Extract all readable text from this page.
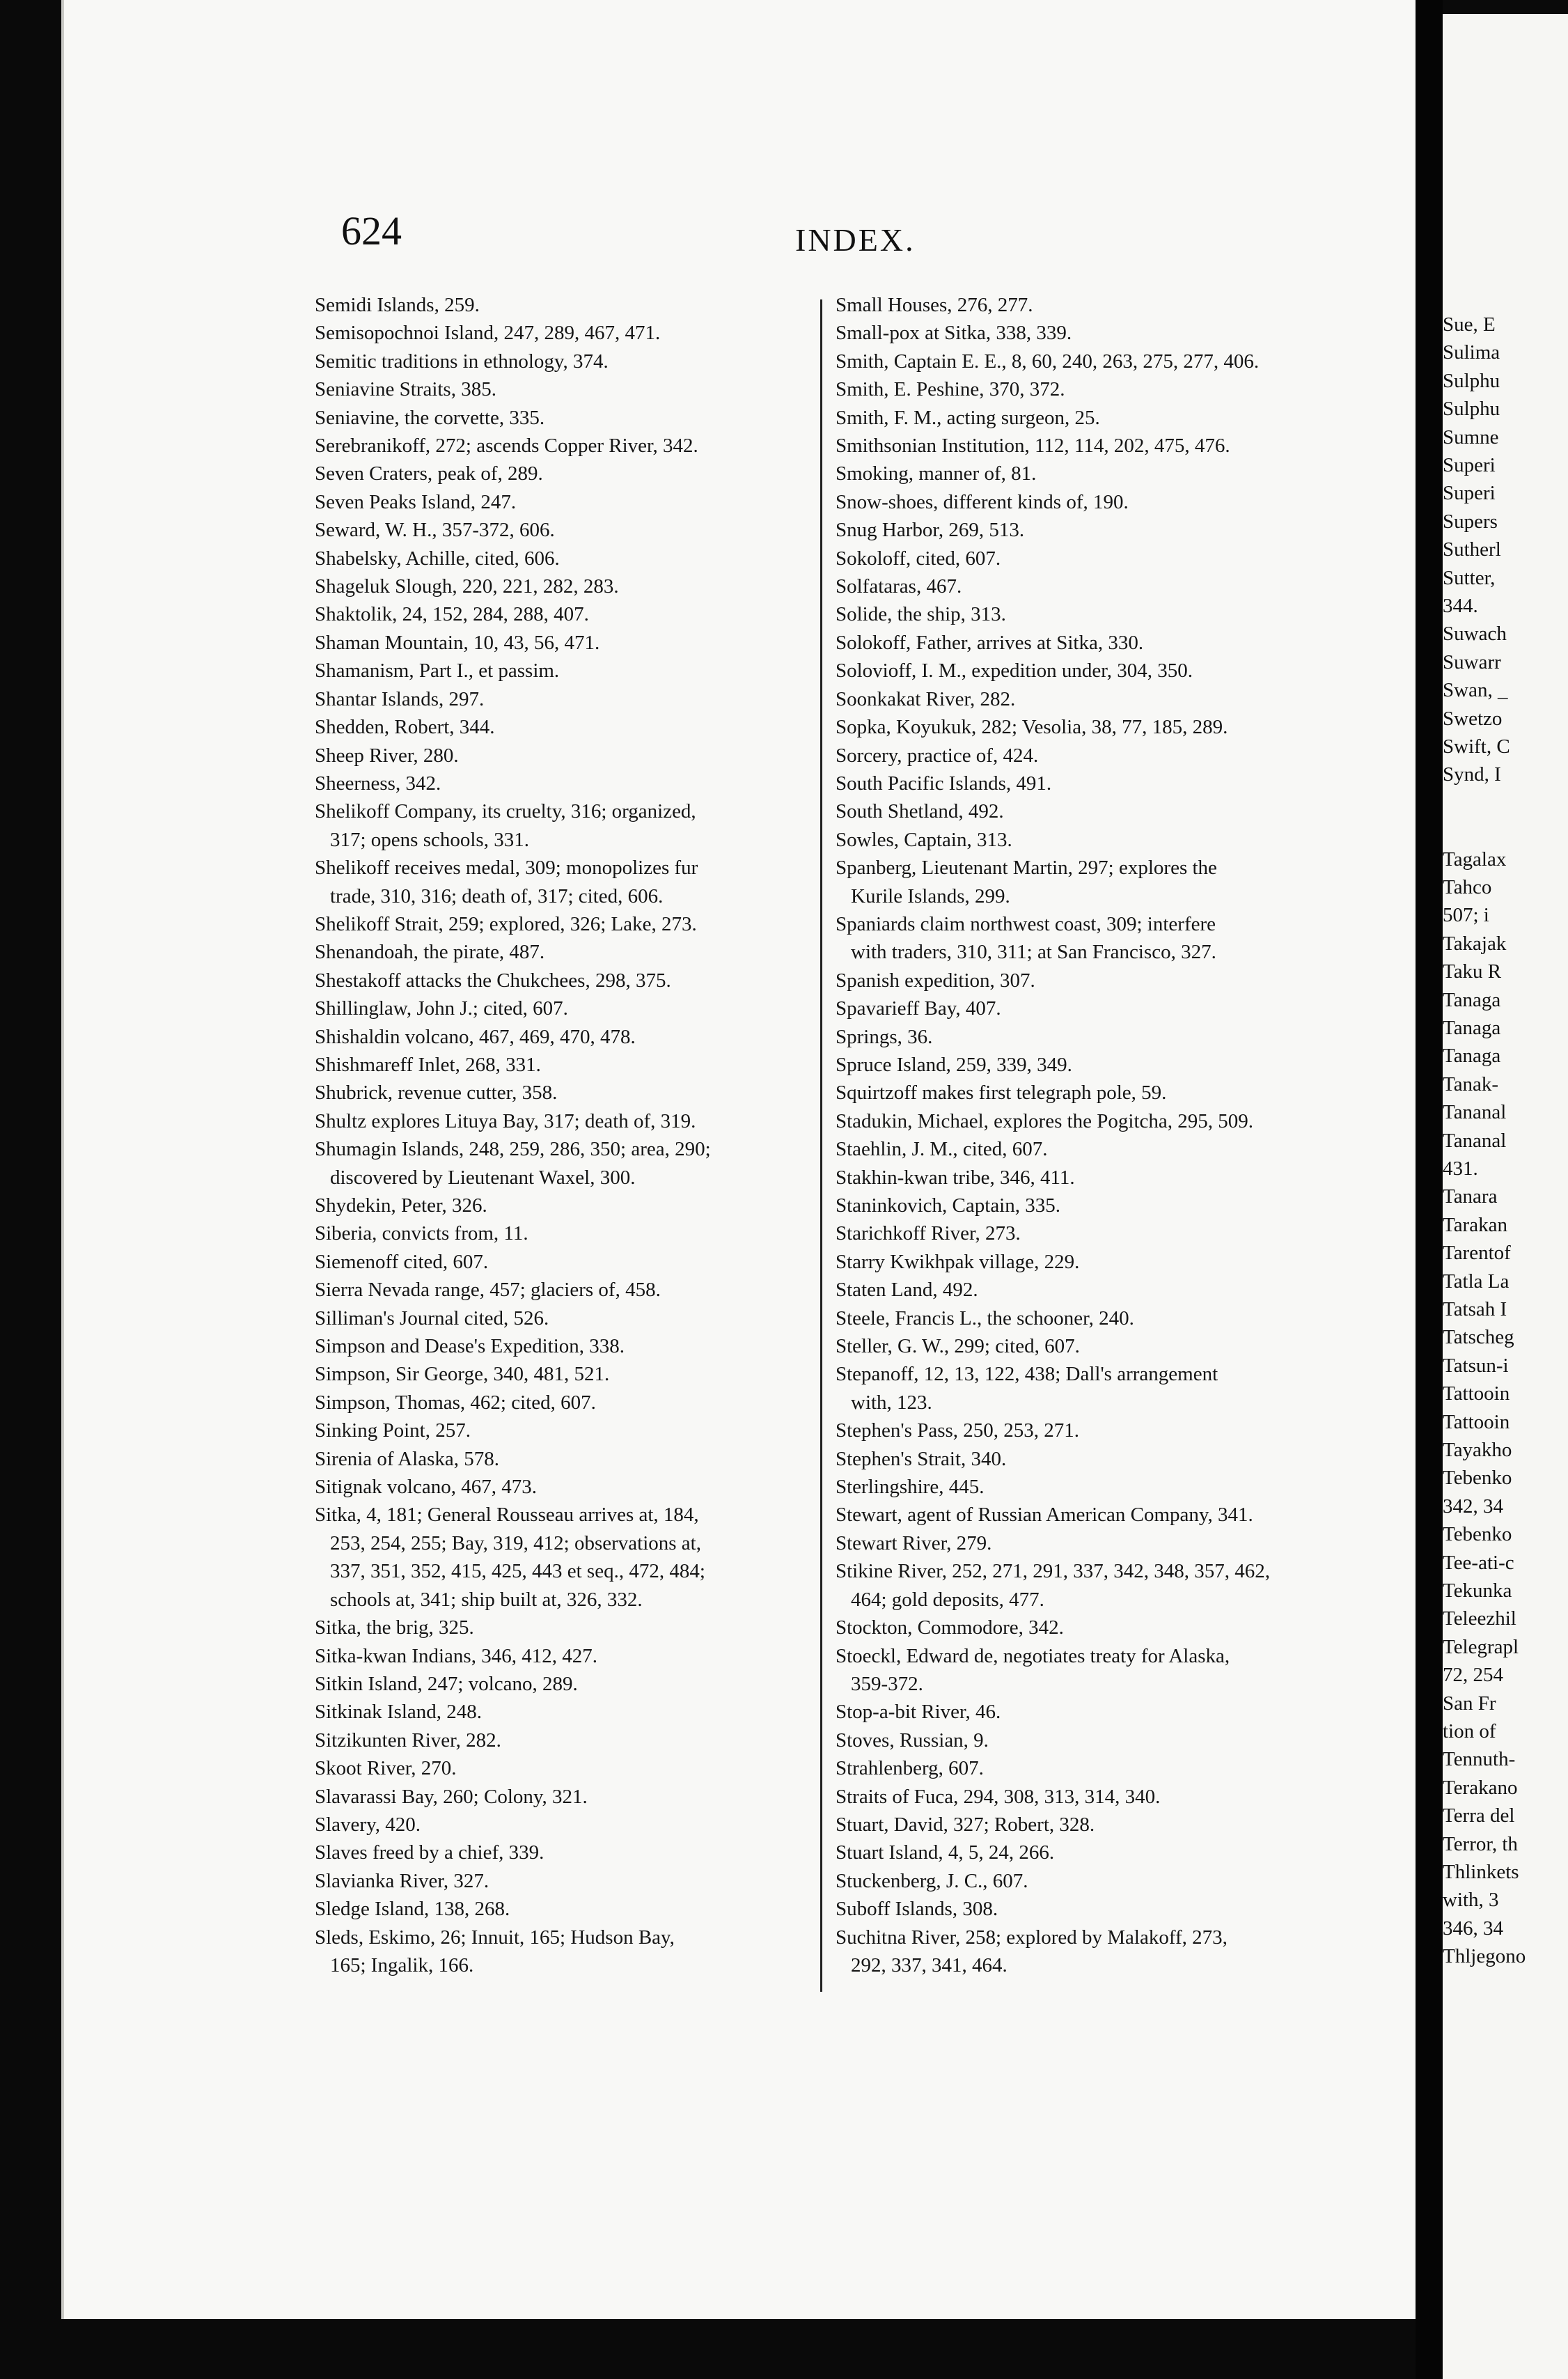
624	INDEX.
Semidi Islands, 259.
Semisopochnoi Island, 247, 289, 467, 471.
Semitic traditions in ethnology, 374.
Seniavine Straits, 385.
Seniavine, the corvette, 335.
Serebranikoff, 272; ascends Copper River, 342.
Seven Craters, peak of, 289.
Seven Peaks Island, 247.
Seward, W. H., 357-372, 606.
Shabelsky, Achille, cited, 606.
Shageluk Slough, 220, 221, 282, 283.
Shaktolik, 24, 152, 284, 288, 407.
Shaman Mountain, 10, 43, 56, 471.
Shamanism, Part I., et passim.
Shantar Islands, 297.
Shedden, Robert, 344.
Sheep River, 280.
Sheerness, 342.
Shelikoff Company, its cruelty, 316; organized,
317; opens schools, 331.
Shelikoff receives medal, 309; monopolizes fur
trade, 310, 316; death of, 317; cited, 606.
Shelikoff Strait, 259; explored, 326; Lake, 273.
Shenandoah, the pirate, 487.
Shestakoff attacks the Chukchees, 298, 375.
Shillinglaw, John J.; cited, 607.
Shishaldin volcano, 467, 469, 470, 478.
Shishmareff Inlet, 268, 331.
Shubrick, revenue cutter, 358.
Shultz explores Lituya Bay, 317; death of, 319.
Shumagin Islands, 248, 259, 286, 350; area, 290;
discovered by Lieutenant Waxel, 300.
Shydekin, Peter, 326.
Siberia, convicts from, 11.
Siemenoff cited, 607.
Sierra Nevada range, 457; glaciers of, 458.
Silliman's Journal cited, 526.
Simpson and Dease's Expedition, 338.
Simpson, Sir George, 340, 481, 521.
Simpson, Thomas, 462; cited, 607.
Sinking Point, 257.
Sirenia of Alaska, 578.
Sitignak volcano, 467, 473.
Sitka, 4, 181; General Rousseau arrives at, 184,
253, 254, 255; Bay, 319, 412; observations at,
337, 351, 352, 415, 425, 443 et seq., 472, 484;
schools at, 341; ship built at, 326, 332.
Sitka, the brig, 325.
Sitka-kwan Indians, 346, 412, 427.
Sitkin Island, 247; volcano, 289.
Sitkinak Island, 248.
Sitzikunten River, 282.
Skoot River, 270.
Slavarassi Bay, 260; Colony, 321.
Slavery, 420.
Slaves freed by a chief, 339.
Slavianka River, 327.
Sledge Island, 138, 268.
Sleds, Eskimo, 26; Innuit, 165; Hudson Bay,
165; Ingalik, 166.
Small Houses, 276, 277.
Small-pox at Sitka, 338, 339.
Smith, Captain E. E., 8, 60, 240, 263, 275, 277, 406.
Smith, E. Peshine, 370, 372.
Smith, F. M., acting surgeon, 25.
Smithsonian Institution, 112, 114, 202, 475, 476.
Smoking, manner of, 81.
Snow-shoes, different kinds of, 190.
Snug Harbor, 269, 513.
Sokoloff, cited, 607.
Solfataras, 467.
Solide, the ship, 313.
Solokoff, Father, arrives at Sitka, 330.
Solovioff, I. M., expedition under, 304, 350.
Soonkakat River, 282.
Sopka, Koyukuk, 282; Vesolia, 38, 77, 185, 289.
Sorcery, practice of, 424.
South Pacific Islands, 491.
South Shetland, 492.
Sowles, Captain, 313.
Spanberg, Lieutenant Martin, 297; explores the
Kurile Islands, 299.
Spaniards claim northwest coast, 309; interfere
with traders, 310, 311; at San Francisco, 327.
Spanish expedition, 307.
Spavarieff Bay, 407.
Springs, 36.
Spruce Island, 259, 339, 349.
Squirtzoff makes first telegraph pole, 59.
Stadukin, Michael, explores the Pogitcha, 295, 509.
Staehlin, J. M., cited, 607.
Stakhin-kwan tribe, 346, 411.
Staninkovich, Captain, 335.
Starichkoff River, 273.
Starry Kwikhpak village, 229.
Staten Land, 492.
Steele, Francis L., the schooner, 240.
Steller, G. W., 299; cited, 607.
Stepanoff, 12, 13, 122, 438; Dall's arrangement
with, 123.
Stephen's Pass, 250, 253, 271.
Stephen's Strait, 340.
Sterlingshire, 445.
Stewart, agent of Russian American Company, 341.
Stewart River, 279.
Stikine River, 252, 271, 291, 337, 342, 348, 357, 462,
464; gold deposits, 477.
Stockton, Commodore, 342.
Stoeckl, Edward de, negotiates treaty for Alaska,
359-372.
Stop-a-bit River, 46.
Stoves, Russian, 9.
Strahlenberg, 607.
Straits of Fuca, 294, 308, 313, 314, 340.
Stuart, David, 327; Robert, 328.
Stuart Island, 4, 5, 24, 266.
Stuckenberg, J. C., 607.
Suboff Islands, 308.
Suchitna River, 258; explored by Malakoff, 273,
292, 337, 341, 464.
Sue, E
Sulima
Sulphu
Sulphu
Sumne
Superi
Superi
Supers
Sutherl
Sutter,
344.
Suwach
Suwarr
Swan, _
Swetzo
Swift, C
Synd, I
Tagalax
Tahco
507; i
Takajak
Taku R
Tanaga
Tanaga
Tanaga
Tanak-
Tananal
Tananal
431.
Tanara
Tarakan
Tarentof
Tatla La
Tatsah I
Tatscheg
Tatsun-i
Tattooin
Tattooin
Tayakho
Tebenko
342, 34
Tebenko
Tee-ati-c
Tekunka
Teleezhil
Telegrapl
72, 254
San Fr
tion of
Tennuth-
Terakano
Terra del
Terror, th
Thlinkets
with, 3
346, 34
Thljegono
